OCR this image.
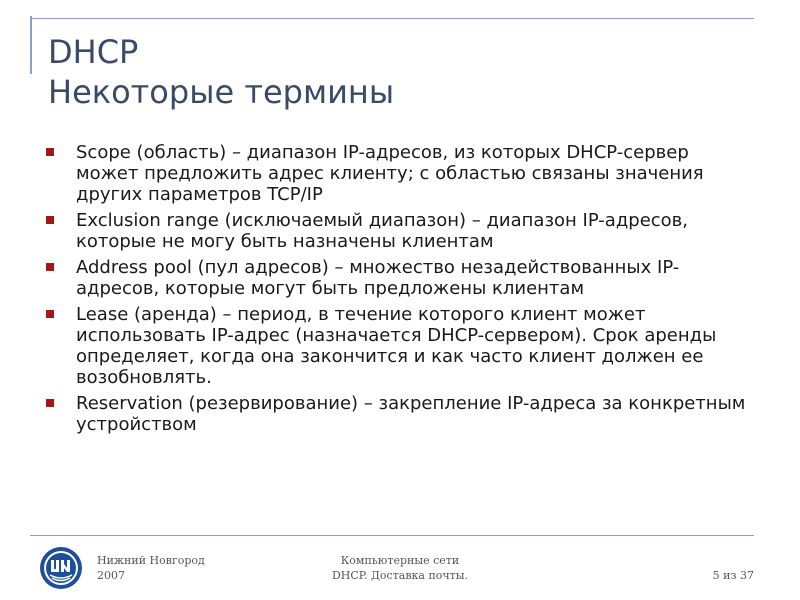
DHCP
Некоторые термины
Scope (область) – диапазон IP-адресов, из которых DHCP-сервер может предложить адрес клиенту; с областью связаны значения других параметров TCP/IP
Exclusion range (исключаемый диапазон) – диапазон IP-адресов, которые не могу быть назначены клиентам
Address pool (пул адресов) – множество незадействованных IP-адресов, которые могут быть предложены клиентам
Lease (аренда) – период, в течение которого клиент может использовать IP-адрес (назначается DHCP-сервером). Срок аренды определяет, когда она закончится и как часто клиент должен ее возобновлять.
Reservation (резервирование) – закрепление IP-адреса за конкретным устройством
Нижний Новгород
2007
Компьютерные сети
DHCP. Доставка почты.	5 из 37
